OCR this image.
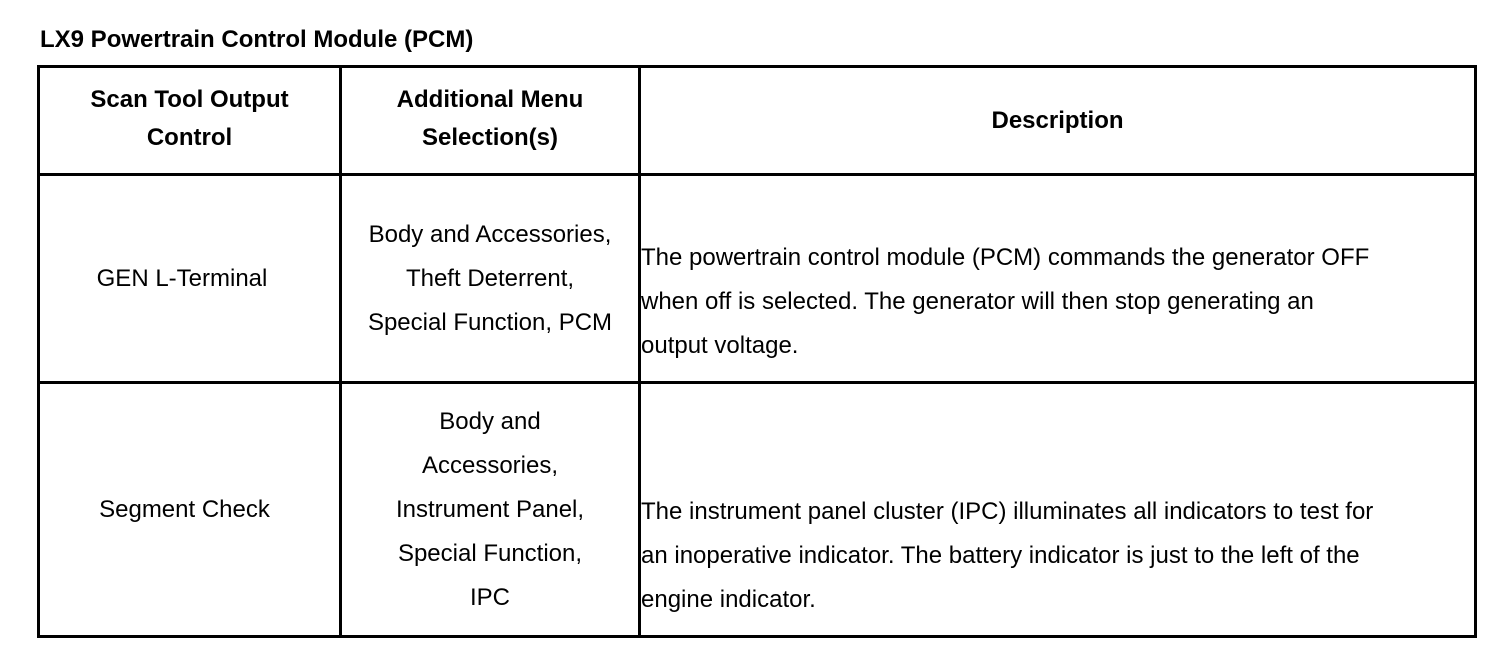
LX9 Powertrain Control Module (PCM)
Scan Tool Output Control	Additional Menu Selection(s)	Description
GEN L-Terminal	Body and Accessories, Theft Deterrent, Special Function, PCM	The powertrain control module (PCM) commands the generator OFF when off is selected. The generator will then stop generating an output voltage.
Segment Check	Body and Accessories, Instrument Panel, Special Function, IPC	The instrument panel cluster (IPC) illuminates all indicators to test for an inoperative indicator. The battery indicator is just to the left of the engine indicator.
